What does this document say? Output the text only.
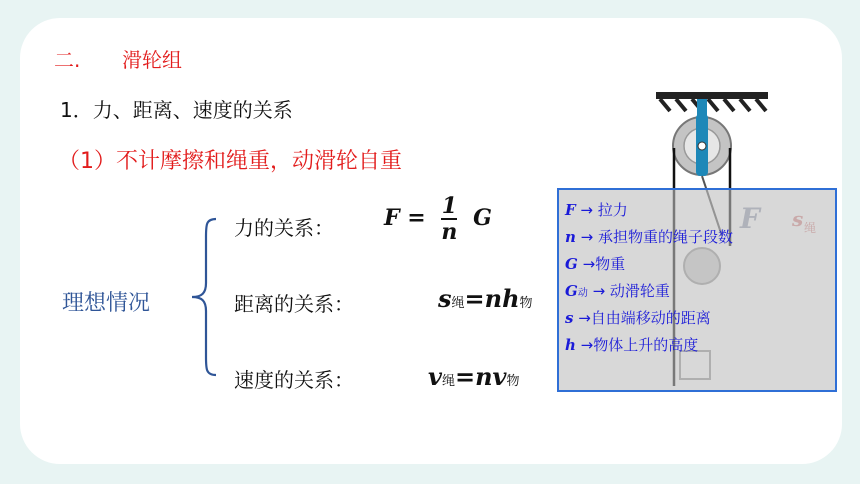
二. 滑轮组
1．力、距离、速度的关系
（1）不计摩擦和绳重，动滑轮自重
理想情况
力的关系： $F = \frac{1}{n}$ G
距离的关系：	s绳=nh物
速度的关系：	v绳=nv物
F → 拉力
n → 承担物重的绳子段数
G →物重
G动 → 动滑轮重
s →自由端移动的距离
h →物体上升的高度
